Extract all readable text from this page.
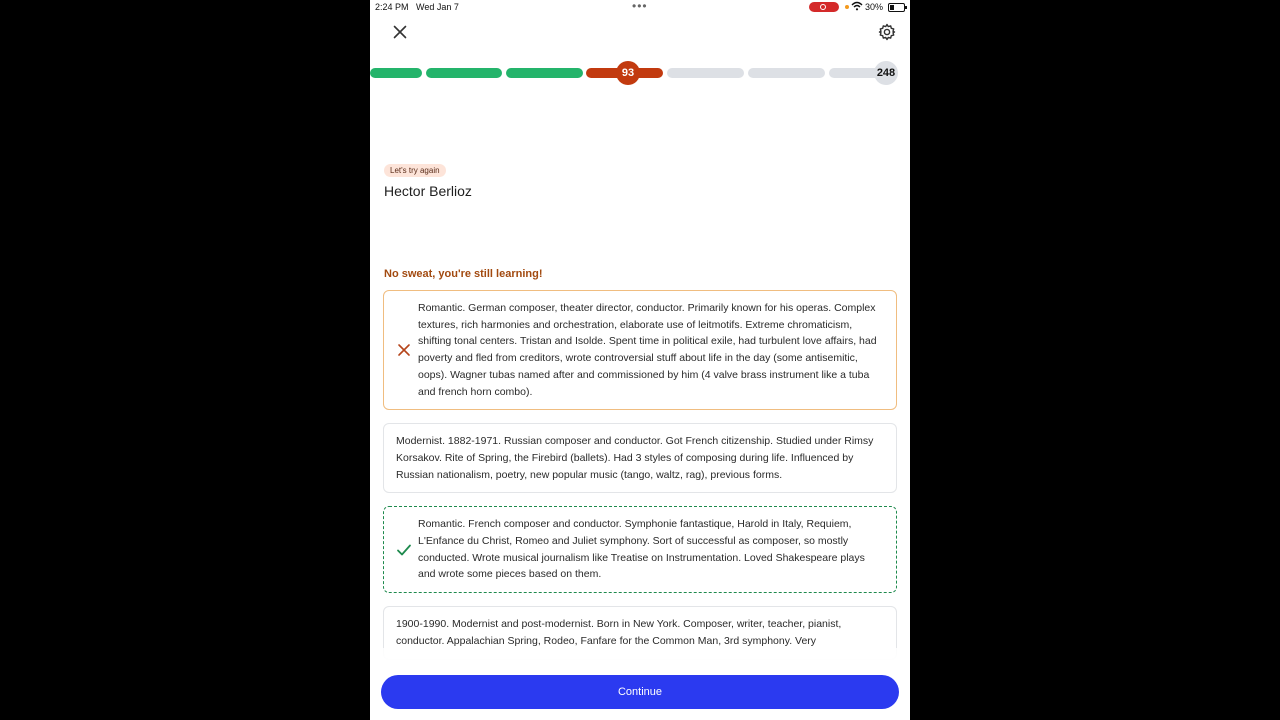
2:24 PM Wed Jan 7	•••	30%
93	248
Let's try again
Hector Berlioz
No sweat, you're still learning!
Romantic. German composer, theater director, conductor. Primarily known for his operas. Complex textures, rich harmonies and orchestration, elaborate use of leitmotifs. Extreme chromaticism, shifting tonal centers. Tristan and Isolde. Spent time in political exile, had turbulent love affairs, had poverty and fled from creditors, wrote controversial stuff about life in the day (some antisemitic, oops). Wagner tubas named after and commissioned by him (4 valve brass instrument like a tuba and french horn combo).
Modernist. 1882-1971. Russian composer and conductor. Got French citizenship. Studied under Rimsy Korsakov. Rite of Spring, the Firebird (ballets). Had 3 styles of composing during life. Influenced by Russian nationalism, poetry, new popular music (tango, waltz, rag), previous forms.
Romantic. French composer and conductor. Symphonie fantastique, Harold in Italy, Requiem, L'Enfance du Christ, Romeo and Juliet symphony. Sort of successful as composer, so mostly conducted. Wrote musical journalism like Treatise on Instrumentation. Loved Shakespeare plays and wrote some pieces based on them.
1900-1990. Modernist and post-modernist. Born in New York. Composer, writer, teacher, pianist, conductor. Appalachian Spring, Rodeo, Fanfare for the Common Man, 3rd symphony. Very
Continue
